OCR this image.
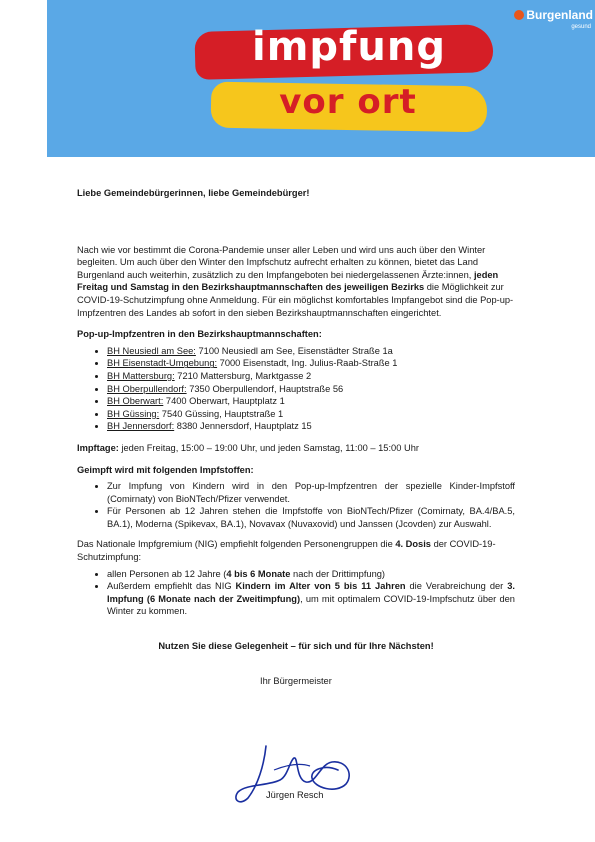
impfung
vor ort
Burgenland
gesund

Liebe Gemeindebürgerinnen, liebe Gemeindebürger!

Nach wie vor bestimmt die Corona-Pandemie unser aller Leben und wird uns auch über den Winter begleiten. Um auch über den Winter den Impfschutz aufrecht erhalten zu können, bietet das Land Burgenland auch weiterhin, zusätzlich zu den Impfangeboten bei niedergelassenen Ärzte:innen, jeden Freitag und Samstag in den Bezirkshauptmannschaften des jeweiligen Bezirks die Möglichkeit zur COVID-19-Schutzimpfung ohne Anmeldung. Für ein möglichst komfortables Impfangebot sind die Pop-up-Impfzentren des Landes ab sofort in den sieben Bezirkshauptmannschaften eingerichtet.

Pop-up-Impfzentren in den Bezirkshauptmannschaften:

• BH Neusiedl am See: 7100 Neusiedl am See, Eisenstädter Straße 1a
• BH Eisenstadt-Umgebung: 7000 Eisenstadt, Ing. Julius-Raab-Straße 1
• BH Mattersburg: 7210 Mattersburg, Marktgasse 2
• BH Oberpullendorf: 7350 Oberpullendorf, Hauptstraße 56
• BH Oberwart: 7400 Oberwart, Hauptplatz 1
• BH Güssing: 7540 Güssing, Hauptstraße 1
• BH Jennersdorf: 8380 Jennersdorf, Hauptplatz 15

Impftage: jeden Freitag, 15:00 – 19:00 Uhr, und jeden Samstag, 11:00 – 15:00 Uhr

Geimpft wird mit folgenden Impfstoffen:

• Zur Impfung von Kindern wird in den Pop-up-Impfzentren der spezielle Kinder-Impfstoff (Comirnaty) von BioNTech/Pfizer verwendet.
• Für Personen ab 12 Jahren stehen die Impfstoffe von BioNTech/Pfizer (Comirnaty, BA.4/BA.5, BA.1), Moderna (Spikevax, BA.1), Novavax (Nuvaxovid) und Janssen (Jcovden) zur Auswahl.

Das Nationale Impfgremium (NIG) empfiehlt folgenden Personengruppen die 4. Dosis der COVID-19-Schutzimpfung:

• allen Personen ab 12 Jahre (4 bis 6 Monate nach der Drittimpfung)
• Außerdem empfiehlt das NIG Kindern im Alter von 5 bis 11 Jahren die Verabreichung der 3. Impfung (6 Monate nach der Zweitimpfung), um mit optimalem COVID-19-Impfschutz über den Winter zu kommen.

Nutzen Sie diese Gelegenheit – für sich und für Ihre Nächsten!

Ihr Bürgermeister

Jürgen Resch
